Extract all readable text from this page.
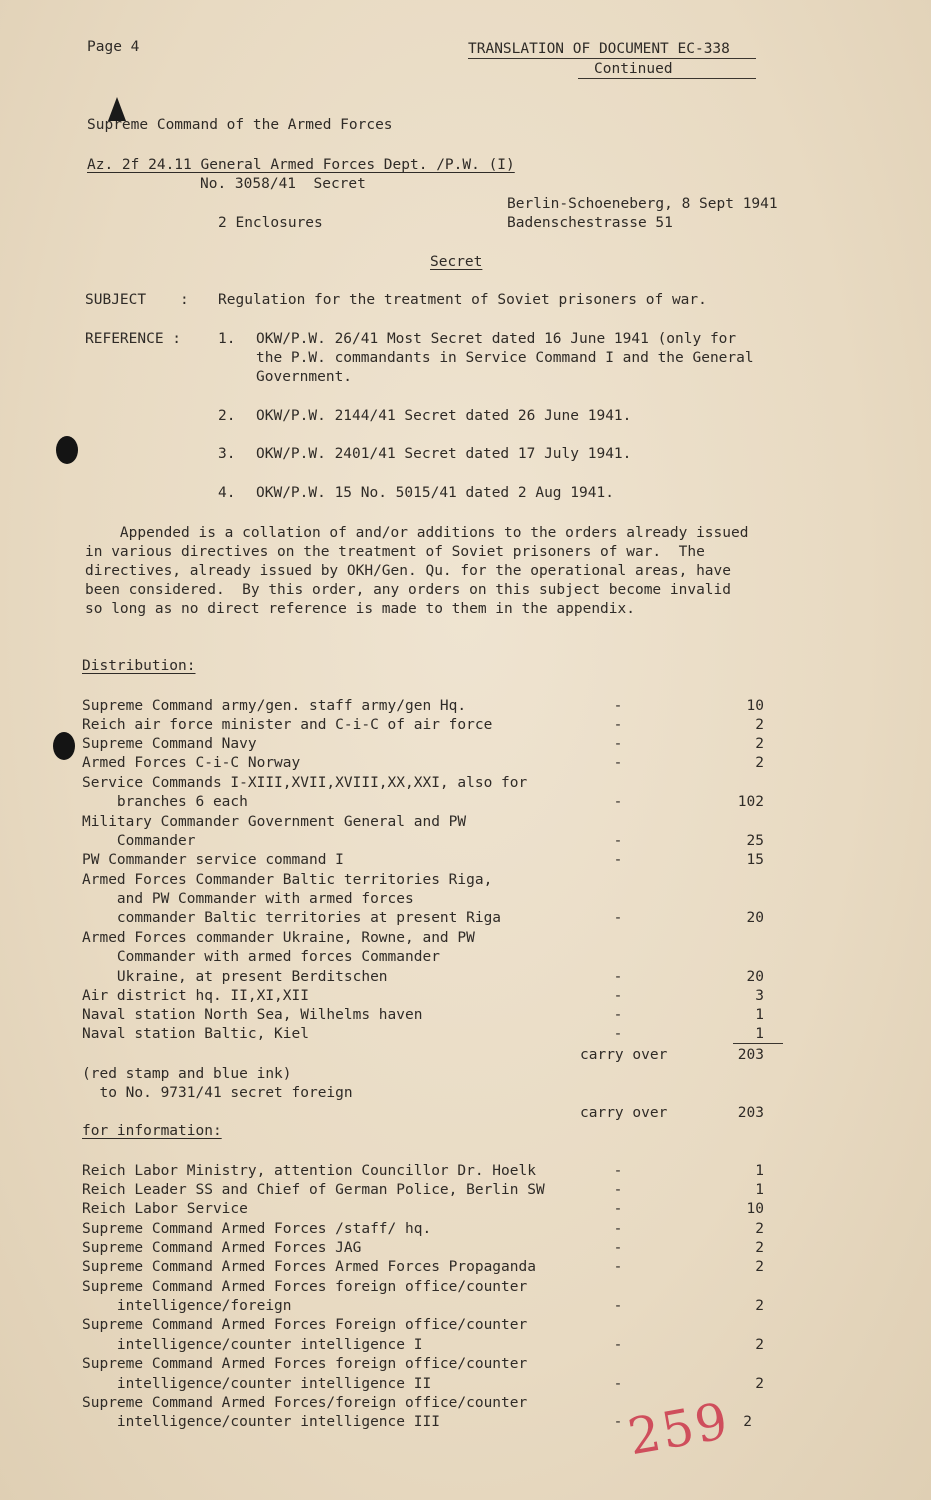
Page 4	TRANSLATION OF DOCUMENT EC-338
Continued
Supreme Command of the Armed Forces
Az. 2f 24.11 General Armed Forces Dept. /P.W. (I)
No. 3058/41  Secret
Berlin-Schoeneberg, 8 Sept 1941
Badenschestrasse 51
2 Enclosures
Secret
SUBJECT : Regulation for the treatment of Soviet prisoners of war.
REFERENCE :	1. OKW/P.W. 26/41 Most Secret dated 16 June 1941 (only for
the P.W. commandants in Service Command I and the General
Government.
2. OKW/P.W. 2144/41 Secret dated 26 June 1941.
3. OKW/P.W. 2401/41 Secret dated 17 July 1941.
4. OKW/P.W. 15 No. 5015/41 dated 2 Aug 1941.
Appended is a collation of and/or additions to the orders already issued
in various directives on the treatment of Soviet prisoners of war.  The
directives, already issued by OKH/Gen. Qu. for the operational areas, have
been considered.  By this order, any orders on this subject become invalid
so long as no direct reference is made to them in the appendix.
Distribution:
Supreme Command army/gen. staff army/gen Hq.	-	10
Reich air force minister and C-i-C of air force	-	2
Supreme Command Navy	-	2
Armed Forces C-i-C Norway	-	2
Service Commands I-XIII,XVII,XVIII,XX,XXI, also for
branches 6 each	-	102
Military Commander Government General and PW
Commander	-	25
PW Commander service command I	-	15
Armed Forces Commander Baltic territories Riga,
and PW Commander with armed forces
commander Baltic territories at present Riga	-	20
Armed Forces commander Ukraine, Rowne, and PW
Commander with armed forces Commander
Ukraine, at present Berditschen	-	20
Air district hq. II,XI,XII	-	3
Naval station North Sea, Wilhelms haven	-	1
Naval station Baltic, Kiel	-	1
carry over	203
(red stamp and blue ink)
to No. 9731/41 secret foreign
carry over	203
for information:
Reich Labor Ministry, attention Councillor Dr. Hoelk	-	1
Reich Leader SS and Chief of German Police, Berlin SW	-	1
Reich Labor Service	-	10
Supreme Command Armed Forces /staff/ hq.	-	2
Supreme Command Armed Forces JAG	-	2
Supreme Command Armed Forces Armed Forces Propaganda	-	2
Supreme Command Armed Forces foreign office/counter
intelligence/foreign	-	2
Supreme Command Armed Forces Foreign office/counter
intelligence/counter intelligence I	-	2
Supreme Command Armed Forces foreign office/counter
intelligence/counter intelligence II	-	2
Supreme Command Armed Forces/foreign office/counter
intelligence/counter intelligence III	-	2
259
